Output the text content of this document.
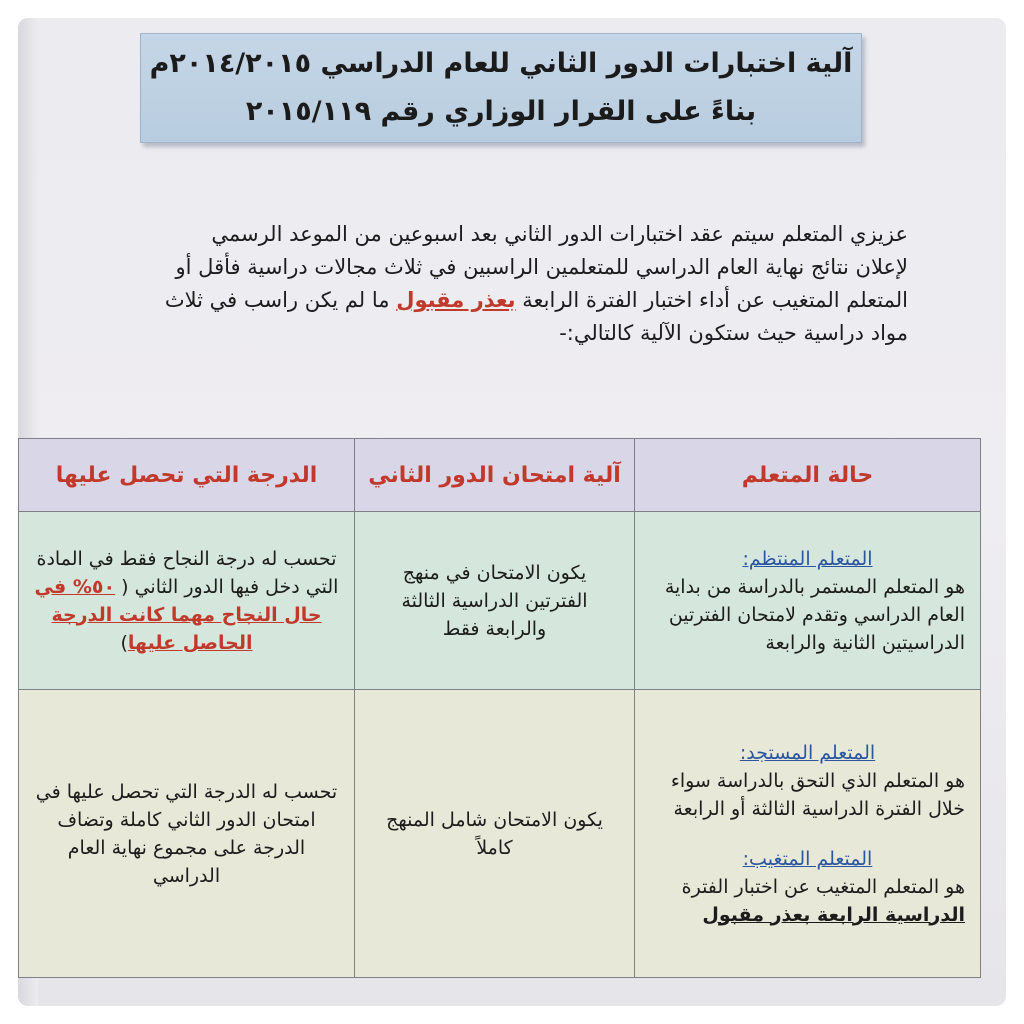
آلية اختبارات الدور الثاني للعام الدراسي ٢٠١٤/٢٠١٥م
بناءً على القرار الوزاري رقم ٢٠١٥/١١٩
عزيزي المتعلم سيتم عقد اختبارات الدور الثاني بعد اسبوعين من الموعد الرسمي لإعلان نتائج نهاية العام الدراسي للمتعلمين الراسبين في ثلاث مجالات دراسية فأقل أو المتعلم المتغيب عن أداء اختبار الفترة الرابعة بعذر مقبول ما لم يكن راسب في ثلاث مواد دراسية حيث ستكون الآلية كالتالي:-
حالة المتعلم	آلية امتحان الدور الثاني	الدرجة التي تحصل عليها

المتعلم المنتظم:
هو المتعلم المستمر بالدراسة من بداية العام الدراسي وتقدم لامتحان الفترتين الدراسيتين الثانية والرابعة	يكون الامتحان في منهج الفترتين الدراسية الثالثة والرابعة فقط	تحسب له درجة النجاح فقط في المادة التي دخل فيها الدور الثاني ( ٥٠% في حال النجاح مهما كانت الدرجة الحاصل عليها)

المتعلم المستجد:
هو المتعلم الذي التحق بالدراسة سواء خلال الفترة الدراسية الثالثة أو الرابعة
المتعلم المتغيب:
هو المتعلم المتغيب عن اختبار الفترة
الدراسية الرابعة بعذر مقبول	يكون الامتحان شامل المنهج كاملاً	تحسب له الدرجة التي تحصل عليها في امتحان الدور الثاني كاملة وتضاف الدرجة على مجموع نهاية العام الدراسي
